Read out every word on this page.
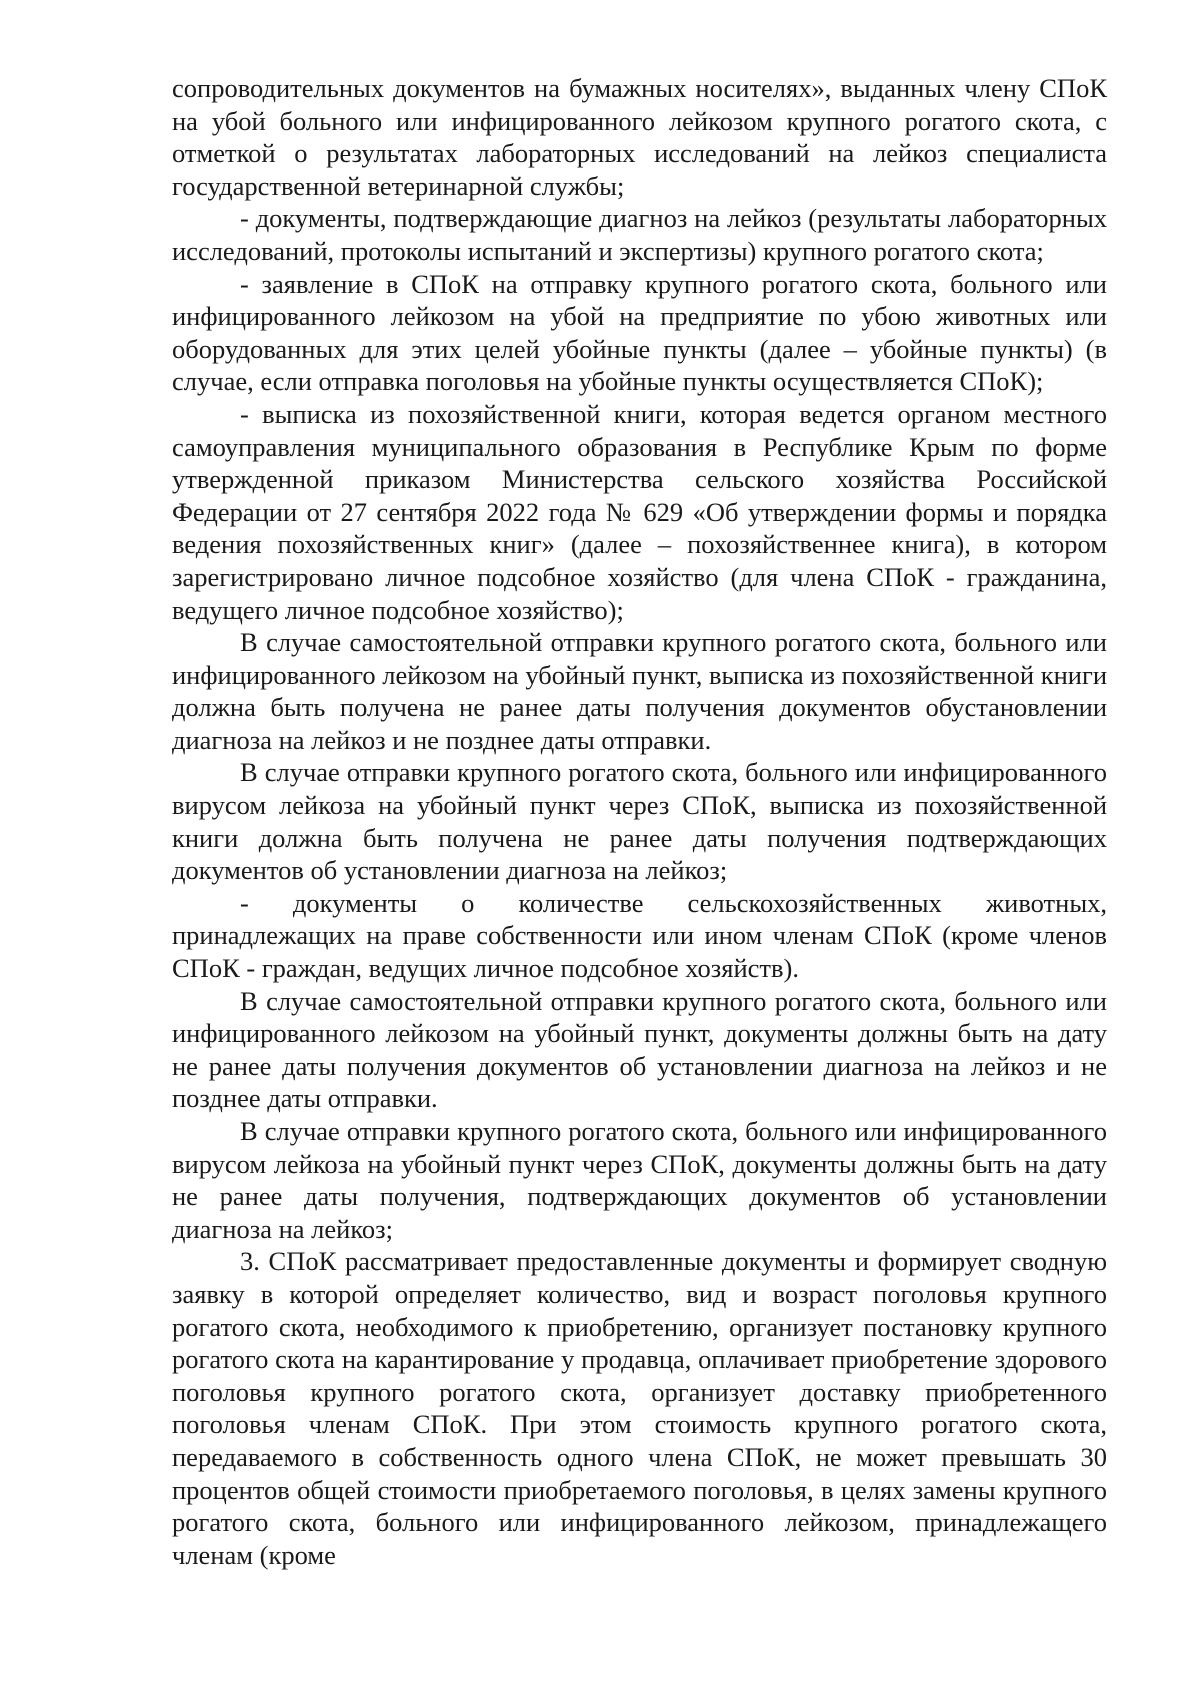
сопроводительных документов на бумажных носителях», выданных члену СПоК на убой больного или инфицированного лейкозом крупного рогатого скота, с отметкой о результатах лабораторных исследований на лейкоз специалиста государственной ветеринарной службы;

- документы, подтверждающие диагноз на лейкоз (результаты лабораторных исследований, протоколы испытаний и экспертизы) крупного рогатого скота;

- заявление в СПоК на отправку крупного рогатого скота, больного или инфицированного лейкозом на убой на предприятие по убою животных или оборудованных для этих целей убойные пункты (далее – убойные пункты) (в случае, если отправка поголовья на убойные пункты осуществляется СПоК);

- выписка из похозяйственной книги, которая ведется органом местного самоуправления муниципального образования в Республике Крым по форме утвержденной приказом Министерства сельского хозяйства Российской Федерации от 27 сентября 2022 года № 629 «Об утверждении формы и порядка ведения похозяйственных книг» (далее – похозяйственнее книга), в котором зарегистрировано личное подсобное хозяйство (для члена СПоК - гражданина, ведущего личное подсобное хозяйство);

В случае самостоятельной отправки крупного рогатого скота, больного или инфицированного лейкозом на убойный пункт, выписка из похозяйственной книги должна быть получена не ранее даты получения документов обустановлении диагноза на лейкоз и не позднее даты отправки.

В случае отправки крупного рогатого скота, больного или инфицированного вирусом лейкоза на убойный пункт через СПоК, выписка из похозяйственной книги должна быть получена не ранее даты получения подтверждающих документов об установлении диагноза на лейкоз;

- документы о количестве сельскохозяйственных животных, принадлежащих на праве собственности или ином членам СПоК (кроме членов СПоК - граждан, ведущих личное подсобное хозяйств).

В случае самостоятельной отправки крупного рогатого скота, больного или инфицированного лейкозом на убойный пункт, документы должны быть на дату не ранее даты получения документов об установлении диагноза на лейкоз и не позднее даты отправки.

В случае отправки крупного рогатого скота, больного или инфицированного вирусом лейкоза на убойный пункт через СПоК, документы должны быть на дату не ранее даты получения, подтверждающих документов об установлении диагноза на лейкоз;

3. СПоК рассматривает предоставленные документы и формирует сводную заявку в которой определяет количество, вид и возраст поголовья крупного рогатого скота, необходимого к приобретению, организует постановку крупного рогатого скота на карантирование у продавца, оплачивает приобретение здорового поголовья крупного рогатого скота, организует доставку приобретенного поголовья членам СПоК. При этом стоимость крупного рогатого скота, передаваемого в собственность одного члена СПоК, не может превышать 30 процентов общей стоимости приобретаемого поголовья, в целях замены крупного рогатого скота, больного или инфицированного лейкозом, принадлежащего членам (кроме
